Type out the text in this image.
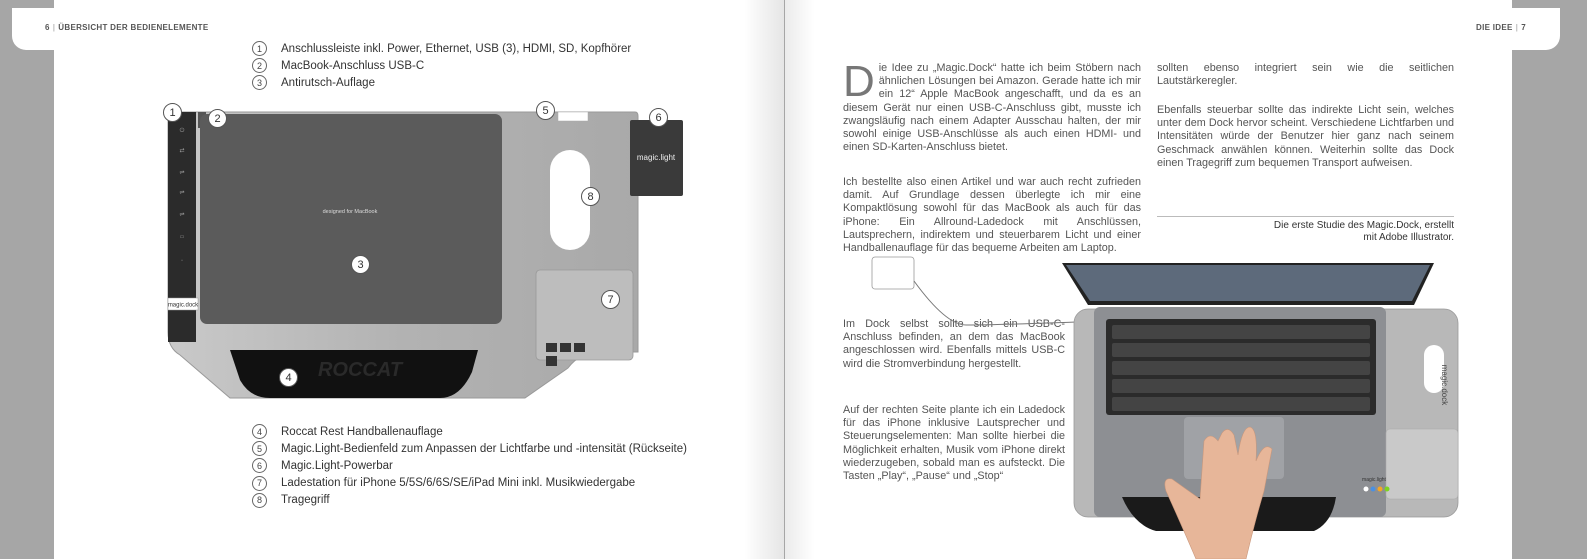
6 | ÜBERSICHT DER BEDIENELEMENTE	DIE IDEE | 7
1	Anschlussleiste inkl. Power, Ethernet, USB (3), HDMI, SD, Kopfhörer
2	MacBook-Anschluss USB-C
3	Antirutsch-Auflage
⏻
⇄
⇌
⇌
⇌
▭
▫
magic.dock
designed for MacBook
ROCCAT
magic.light
1	2
3
4
5
6
7
8
4	Roccat Rest Handballenauflage
5	Magic.Light-Bedienfeld zum Anpassen der Lichtfarbe und -intensität (Rückseite)
6	Magic.Light-Powerbar
7	Ladestation für iPhone 5/5S/6/6S/SE/iPad Mini inkl. Musikwiedergabe
8	Tragegriff
Die Idee zu „Magic.Dock“ hatte ich beim Stöbern nach ähnlichen Lösungen bei Amazon. Gerade hatte ich mir ein 12“ Apple MacBook angeschafft, und da es an diesem Gerät nur einen USB-C-Anschluss gibt, musste ich zwangsläufig nach einem Adapter Ausschau halten, der mir sowohl einige USB-Anschlüsse als auch einen HDMI- und einen SD-Karten-Anschluss bietet.
Ich bestellte also einen Artikel und war auch recht zufrieden damit. Auf Grundlage dessen überlegte ich mir eine Kompaktlösung sowohl für das MacBook als auch für das iPhone: Ein Allround-Ladedock mit Anschlüssen, Lautsprechern, indirektem und steuerbarem Licht und einer Handballenauflage für das bequeme Arbeiten am Laptop.
Im Dock selbst sollte sich ein USB-C-Anschluss befinden, an dem das MacBook angeschlossen wird. Ebenfalls mittels USB-C wird die Stromverbindung hergestellt.
Auf der rechten Seite plante ich ein Ladedock für das iPhone inklusive Lautsprecher und Steuerungselementen: Man sollte hierbei die Möglichkeit erhalten, Musik vom iPhone direkt wiederzugeben, sobald man es aufsteckt. Die Tasten „Play“, „Pause“ und „Stop“
sollten ebenso integriert sein wie die seitlichen Lautstärkeregler.
Ebenfalls steuerbar sollte das indirekte Licht sein, welches unter dem Dock hervor scheint. Verschiedene Lichtfarben und Intensitäten würde der Benutzer hier ganz nach seinem Geschmack anwählen können. Weiterhin sollte das Dock einen Tragegriff zum bequemen Transport aufweisen.
Die erste Studie des Magic.Dock, erstellt
mit Adobe Illustrator.
magic.dock
magic.light
